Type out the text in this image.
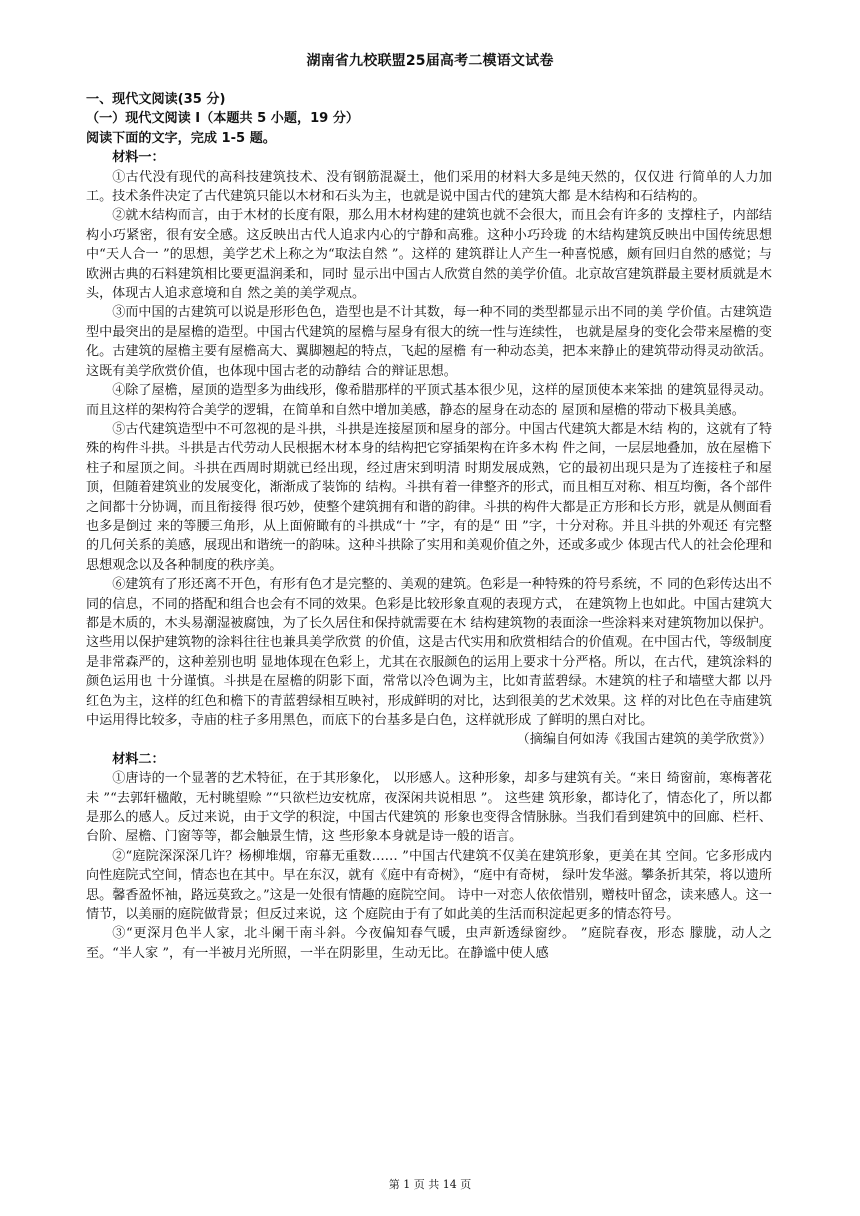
湖南省九校联盟25届高考二模语文试卷

一、现代文阅读(35 分)

（一）现代文阅读 Ⅰ（本题共 5 小题，19 分）

阅读下面的文字，完成 1-5 题。

材料一：

①古代没有现代的高科技建筑技术、没有钢筋混凝土，他们采用的材料大多是纯天然的，仅仅进 行简单的人力加工。技术条件决定了古代建筑只能以木材和石头为主，也就是说中国古代的建筑大都 是木结构和石结构的。

②就木结构而言，由于木材的长度有限，那么用木材构建的建筑也就不会很大，而且会有许多的 支撑柱子，内部结构小巧紧密，很有安全感。这反映出古代人追求内心的宁静和高雅。这种小巧玲珑 的木结构建筑反映出中国传统思想中“天人合一 ”的思想，美学艺术上称之为“取法自然 ”。这样的 建筑群让人产生一种喜悦感，颇有回归自然的感觉；与欧洲古典的石料建筑相比要更温润柔和，同时 显示出中国古人欣赏自然的美学价值。北京故宫建筑群最主要材质就是木头，体现古人追求意境和自 然之美的美学观点。

③而中国的古建筑可以说是形形色色，造型也是不计其数，每一种不同的类型都显示出不同的美 学价值。古建筑造型中最突出的是屋檐的造型。中国古代建筑的屋檐与屋身有很大的统一性与连续性， 也就是屋身的变化会带来屋檐的变化。古建筑的屋檐主要有屋檐高大、翼脚翘起的特点，飞起的屋檐 有一种动态美，把本来静止的建筑带动得灵动欲活。这既有美学欣赏价值，也体现中国古老的动静结 合的辩证思想。

④除了屋檐，屋顶的造型多为曲线形，像希腊那样的平顶式基本很少见，这样的屋顶使本来笨拙 的建筑显得灵动。而且这样的架构符合美学的逻辑，在简单和自然中增加美感，静态的屋身在动态的 屋顶和屋檐的带动下极具美感。

⑤古代建筑造型中不可忽视的是斗拱，斗拱是连接屋顶和屋身的部分。中国古代建筑大都是木结 构的，这就有了特殊的构件斗拱。斗拱是古代劳动人民根据木材本身的结构把它穿插架构在许多木构 件之间，一层层地叠加，放在屋檐下柱子和屋顶之间。斗拱在西周时期就已经出现，经过唐宋到明清 时期发展成熟，它的最初出现只是为了连接柱子和屋顶，但随着建筑业的发展变化，渐渐成了装饰的 结构。斗拱有着一律整齐的形式，而且相互对称、相互均衡，各个部件之间都十分协调，而且衔接得 很巧妙，使整个建筑拥有和谐的韵律。斗拱的构件大都是正方形和长方形，就是从侧面看也多是倒过 来的等腰三角形，从上面俯瞰有的斗拱成“十 ”字，有的是“ 田 ”字，十分对称。并且斗拱的外观还 有完整的几何关系的美感，展现出和谐统一的韵味。这种斗拱除了实用和美观价值之外，还或多或少 体现古代人的社会伦理和思想观念以及各种制度的秩序美。

⑥建筑有了形还离不开色，有形有色才是完整的、美观的建筑。色彩是一种特殊的符号系统，不 同的色彩传达出不同的信息，不同的搭配和组合也会有不同的效果。色彩是比较形象直观的表现方式， 在建筑物上也如此。中国古建筑大都是木质的，木头易潮湿被腐蚀，为了长久居住和保持就需要在木 结构建筑物的表面涂一些涂料来对建筑物加以保护。这些用以保护建筑物的涂料往往也兼具美学欣赏 的价值，这是古代实用和欣赏相结合的价值观。在中国古代，等级制度是非常森严的，这种差别也明 显地体现在色彩上，尤其在衣服颜色的运用上要求十分严格。所以，在古代，建筑涂料的颜色运用也 十分谨慎。斗拱是在屋檐的阴影下面，常常以冷色调为主，比如青蓝碧绿。木建筑的柱子和墙壁大都 以丹红色为主，这样的红色和檐下的青蓝碧绿相互映衬，形成鲜明的对比，达到很美的艺术效果。这 样的对比色在寺庙建筑中运用得比较多，寺庙的柱子多用黑色，而底下的台基多是白色，这样就形成 了鲜明的黑白对比。

（摘编自何如涛《我国古建筑的美学欣赏》）

材料二：

①唐诗的一个显著的艺术特征，在于其形象化， 以形感人。这种形象，却多与建筑有关。“来日 绮窗前，寒梅著花未 ”“去郭轩楹敞，无村眺望赊 ”“只欲栏边安枕席，夜深闲共说相思 ”。 这些建 筑形象，都诗化了，情态化了，所以都是那么的感人。反过来说，由于文学的积淀，中国古代建筑的 形象也变得含情脉脉。当我们看到建筑中的回廊、栏杆、台阶、屋檐、门窗等等，都会触景生情，这 些形象本身就是诗一般的语言。

②“庭院深深深几许？杨柳堆烟，帘幕无重数…… ”中国古代建筑不仅美在建筑形象，更美在其 空间。它多形成内向性庭院式空间，情态也在其中。早在东汉，就有《庭中有奇树》，“庭中有奇树， 绿叶发华滋。攀条折其荣，将以遗所思。馨香盈怀袖，路远莫致之。”这是一处很有情趣的庭院空间。 诗中一对恋人依依惜别，赠枝叶留念，读来感人。这一情节，以美丽的庭院做背景；但反过来说，这 个庭院由于有了如此美的生活而积淀起更多的情态符号。

③“更深月色半人家，北斗阑干南斗斜。今夜偏知春气暖，虫声新透绿窗纱。 ”庭院春夜，形态 朦胧，动人之至。“半人家 ”，有一半被月光所照，一半在阴影里，生动无比。在静谧中使人感

第 1 页 共 14 页
